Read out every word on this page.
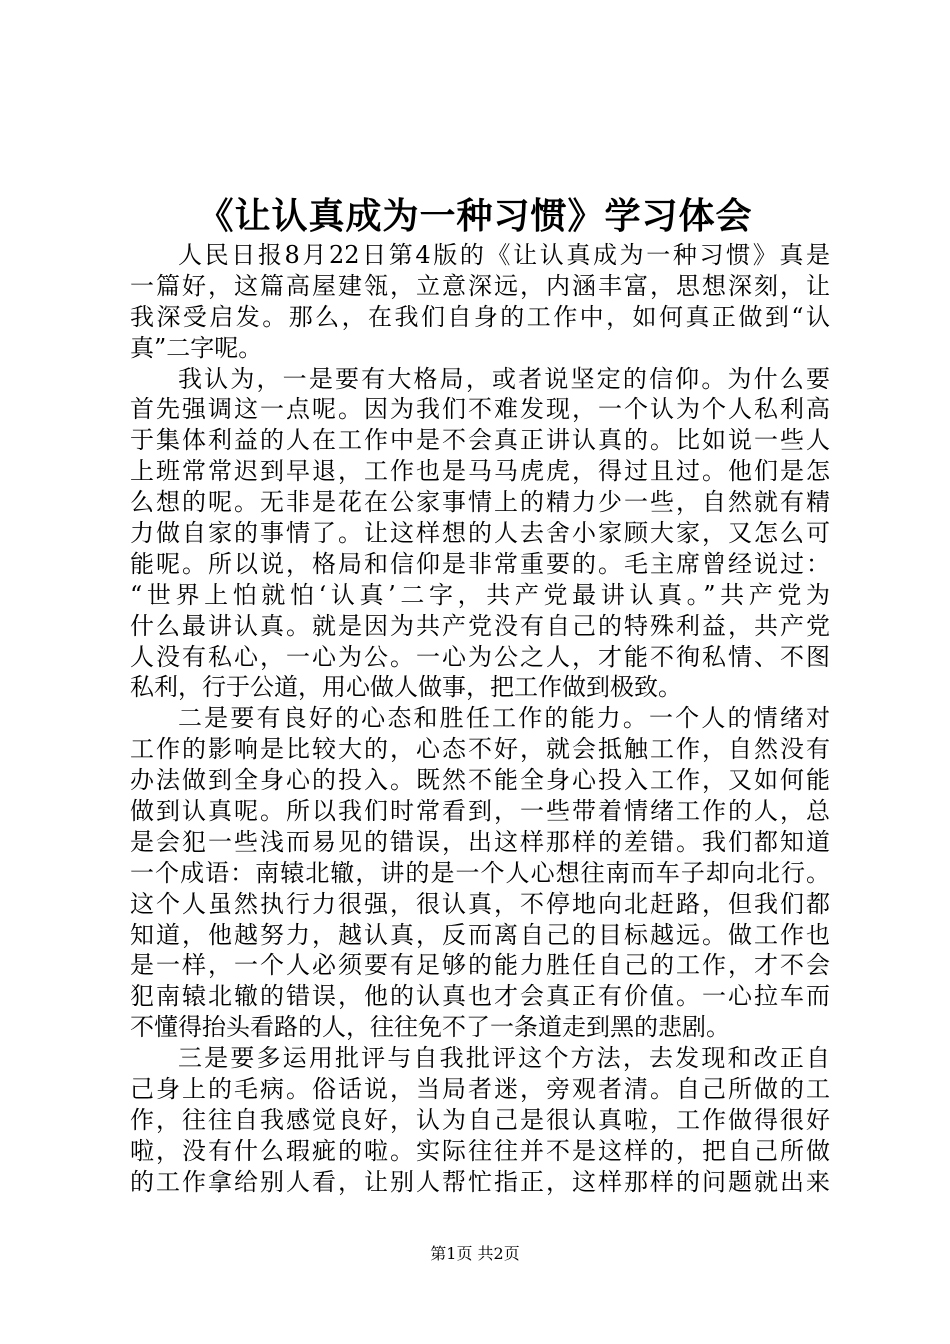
《让认真成为一种习惯》学习体会
人民日报8月22日第4版的《让认真成为一种习惯》真是
一篇好，这篇高屋建瓴，立意深远，内涵丰富，思想深刻，让
我深受启发。那么，在我们自身的工作中，如何真正做到“认
真”二字呢。
我认为，一是要有大格局，或者说坚定的信仰。为什么要
首先强调这一点呢。因为我们不难发现，一个认为个人私利高
于集体利益的人在工作中是不会真正讲认真的。比如说一些人
上班常常迟到早退，工作也是马马虎虎，得过且过。他们是怎
么想的呢。无非是花在公家事情上的精力少一些，自然就有精
力做自家的事情了。让这样想的人去舍小家顾大家，又怎么可
能呢。所以说，格局和信仰是非常重要的。毛主席曾经说过：
“世界上怕就怕‘认真’二字，共产党最讲认真。”共产党为
什么最讲认真。就是因为共产党没有自己的特殊利益，共产党
人没有私心，一心为公。一心为公之人，才能不徇私情、不图
私利，行于公道，用心做人做事，把工作做到极致。
二是要有良好的心态和胜任工作的能力。一个人的情绪对
工作的影响是比较大的，心态不好，就会抵触工作，自然没有
办法做到全身心的投入。既然不能全身心投入工作，又如何能
做到认真呢。所以我们时常看到，一些带着情绪工作的人，总
是会犯一些浅而易见的错误，出这样那样的差错。我们都知道
一个成语：南辕北辙，讲的是一个人心想往南而车子却向北行。
这个人虽然执行力很强，很认真，不停地向北赶路，但我们都
知道，他越努力，越认真，反而离自己的目标越远。做工作也
是一样，一个人必须要有足够的能力胜任自己的工作，才不会
犯南辕北辙的错误，他的认真也才会真正有价值。一心拉车而
不懂得抬头看路的人，往往免不了一条道走到黑的悲剧。
三是要多运用批评与自我批评这个方法，去发现和改正自
己身上的毛病。俗话说，当局者迷，旁观者清。自己所做的工
作，往往自我感觉良好，认为自己是很认真啦，工作做得很好
啦，没有什么瑕疵的啦。实际往往并不是这样的，把自己所做
的工作拿给别人看，让别人帮忙指正，这样那样的问题就出来
第1页 共2页
